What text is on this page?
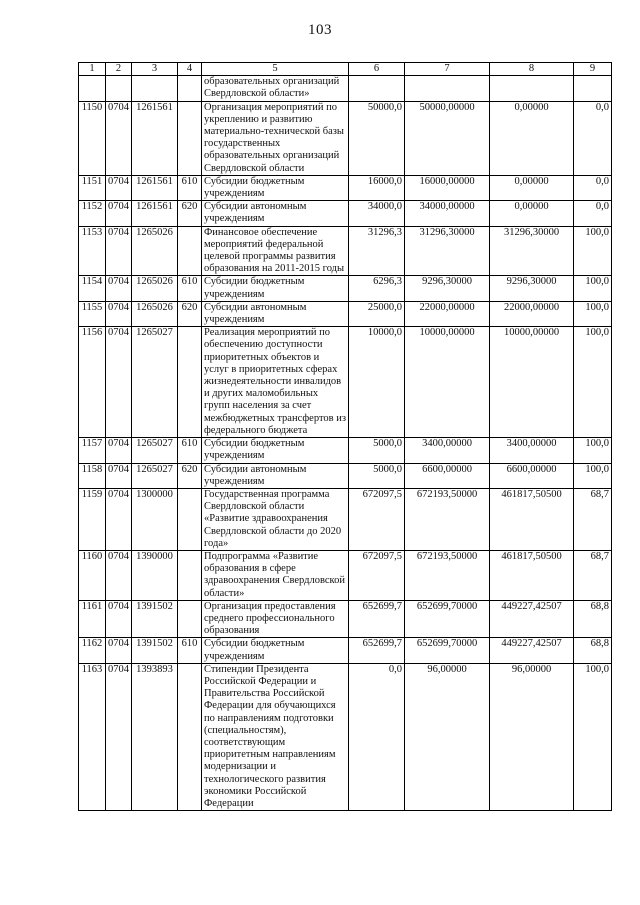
103
1	2	3	4	5	6	7	8	9
				образовательных организаций Свердловской области»				
1150	0704	1261561		Организация мероприятий по укреплению и развитию материально-технической базы государственных образовательных организаций Свердловской области	50000,0	50000,00000	0,00000	0,0
1151	0704	1261561	610	Субсидии бюджетным учреждениям	16000,0	16000,00000	0,00000	0,0
1152	0704	1261561	620	Субсидии автономным учреждениям	34000,0	34000,00000	0,00000	0,0
1153	0704	1265026		Финансовое обеспечение мероприятий федеральной целевой программы развития образования на 2011-2015 годы	31296,3	31296,30000	31296,30000	100,0
1154	0704	1265026	610	Субсидии бюджетным учреждениям	6296,3	9296,30000	9296,30000	100,0
1155	0704	1265026	620	Субсидии автономным учреждениям	25000,0	22000,00000	22000,00000	100,0
1156	0704	1265027		Реализация мероприятий по обеспечению доступности приоритетных объектов и услуг в приоритетных сферах жизнедеятельности инвалидов и других маломобильных групп населения за счет межбюджетных трансфертов из федерального бюджета	10000,0	10000,00000	10000,00000	100,0
1157	0704	1265027	610	Субсидии бюджетным учреждениям	5000,0	3400,00000	3400,00000	100,0
1158	0704	1265027	620	Субсидии автономным учреждениям	5000,0	6600,00000	6600,00000	100,0
1159	0704	1300000		Государственная программа Свердловской области «Развитие здравоохранения Свердловской области до 2020 года»	672097,5	672193,50000	461817,50500	68,7
1160	0704	1390000		Подпрограмма «Развитие образования в сфере здравоохранения Свердловской области»	672097,5	672193,50000	461817,50500	68,7
1161	0704	1391502		Организация предоставления среднего профессионального образования	652699,7	652699,70000	449227,42507	68,8
1162	0704	1391502	610	Субсидии бюджетным учреждениям	652699,7	652699,70000	449227,42507	68,8
1163	0704	1393893		Стипендии Президента Российской Федерации и Правительства Российской Федерации для обучающихся по направлениям подготовки (специальностям), соответствующим приоритетным направлениям модернизации и технологического развития экономики Российской Федерации	0,0	96,00000	96,00000	100,0
